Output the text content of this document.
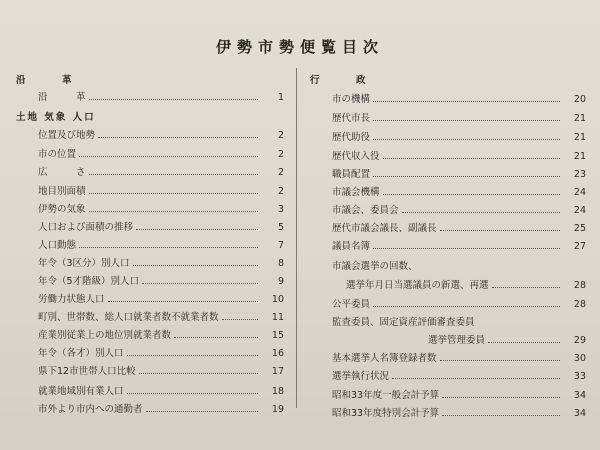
伊勢市勢便覧目次
沿　　　革
沿　　　革	1
土地 気象 人口
位置及び地勢	2
市の位置	2
広　　　さ	2
地目別面積	2
伊勢の気象	3
人口および面積の推移	5
人口動態	7
年令（3区分）別人口	8
年令（5才階級）別人口	9
労働力状態人口	10
町別、世帯数、総人口就業者数不就業者数	11
産業別従業上の地位別就業者数	15
年令（各才）別人口	16
県下12市世帯人口比較	17
就業地域別有業人口	18
市外より市内への通勤者	19
行　　　政
市の機構	20
歴代市長	21
歴代助役	21
歴代収入役	21
職員配置	23
市議会機構	24
市議会、委員会	24
歴代市議会議長、副議長	25
議員名簿	27
市議会選挙の回数、
選挙年月日当選議員の新選、再選	28
公平委員	28
監査委員、固定資産評価審査委員
選挙管理委員	29
基本選挙人名簿登録者数	30
選挙執行状況	33
昭和33年度一般会計予算	34
昭和33年度特別会計予算	34
